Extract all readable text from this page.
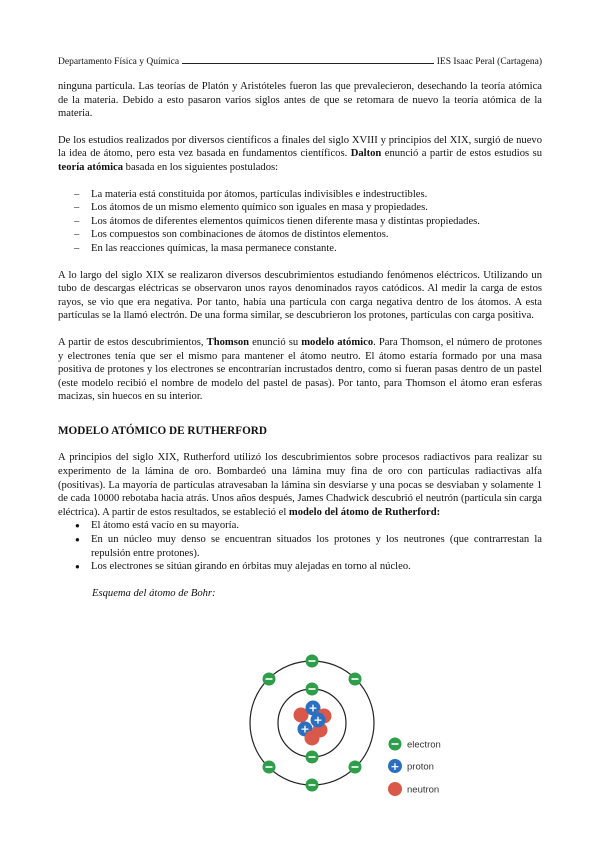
Departamento Física y Química	IES Isaac Peral (Cartagena)

ninguna partícula. Las teorías de Platón y Aristóteles fueron las que prevalecieron, desechando la teoría atómica de la materia. Debido a esto pasaron varios siglos antes de que se retomara de nuevo la teoría atómica de la materia.

De los estudios realizados por diversos científicos a finales del siglo XVIII y principios del XIX, surgió de nuevo la idea de átomo, pero esta vez basada en fundamentos científicos. Dalton enunció a partir de estos estudios su teoría atómica basada en los siguientes postulados:

– La materia está constituida por átomos, partículas indivisibles e indestructibles.
– Los átomos de un mismo elemento químico son iguales en masa y propiedades.
– Los átomos de diferentes elementos químicos tienen diferente masa y distintas propiedades.
– Los compuestos son combinaciones de átomos de distintos elementos.
– En las reacciones químicas, la masa permanece constante.

A lo largo del siglo XIX se realizaron diversos descubrimientos estudiando fenómenos eléctricos. Utilizando un tubo de descargas eléctricas se observaron unos rayos denominados rayos catódicos. Al medir la carga de estos rayos, se vio que era negativa. Por tanto, había una partícula con carga negativa dentro de los átomos. A esta partículas se la llamó electrón. De una forma similar, se descubrieron los protones, partículas con carga positiva.

A partir de estos descubrimientos, Thomson enunció su modelo atómico. Para Thomson, el número de protones y electrones tenía que ser el mismo para mantener el átomo neutro. El átomo estaría formado por una masa positiva de protones y los electrones se encontrarían incrustados dentro, como si fueran pasas dentro de un pastel (este modelo recibió el nombre de modelo del pastel de pasas). Por tanto, para Thomson el átomo eran esferas macizas, sin huecos en su interior.

MODELO ATÓMICO DE RUTHERFORD

A principios del siglo XIX, Rutherford utilizó los descubrimientos sobre procesos radiactivos para realizar su experimento de la lámina de oro. Bombardeó una lámina muy fina de oro con partículas radiactivas alfa (positivas). La mayoría de partículas atravesaban la lámina sin desviarse y una pocas se desviaban y solamente 1 de cada 10000 rebotaba hacia atrás. Unos años después, James Chadwick descubrió el neutrón (partícula sin carga eléctrica). A partir de estos resultados, se estableció el modelo del átomo de Rutherford:

● El átomo está vacío en su mayoría.
● En un núcleo muy denso se encuentran situados los protones y los neutrones (que contrarrestan la repulsión entre protones).
● Los electrones se sitúan girando en órbitas muy alejadas en torno al núcleo.
Esquema del átomo de Bohr:
+
+
+
electron
+ proton
neutron
